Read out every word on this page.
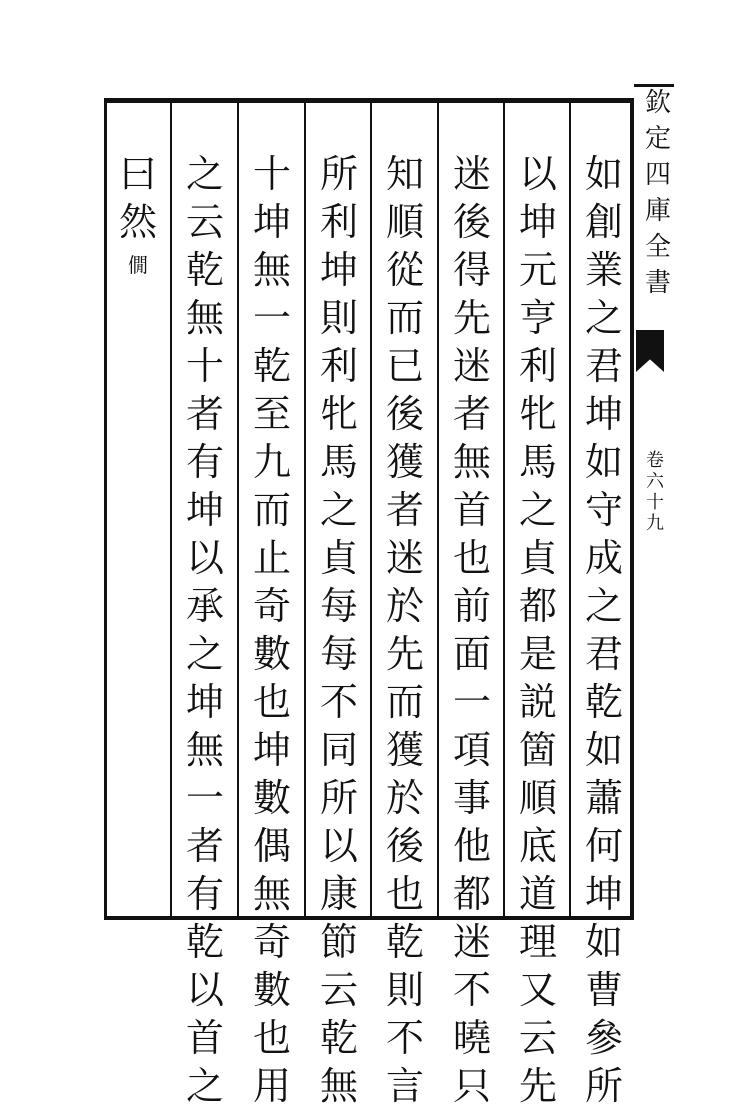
如
創
業
之
君
坤
如
守
成
之
君
乾
如
蕭
何
坤
如
曹
參
所
以
坤
元
亨
利
牝
馬
之
貞
都
是
説
箇
順
底
道
理
又
云
先
迷
後
得
先
迷
者
無
首
也
前
面
一
項
事
他
都
迷
不
曉
只
知
順
從
而
已
後
獲
者
迷
於
先
而
獲
於
後
也
乾
則
不
言
所
利
坤
則
利
牝
馬
之
貞
每
每
不
同
所
以
康
節
云
乾
無
十
坤
無
一
乾
至
九
而
止
奇
數
也
坤
數
偶
無
奇
數
也
用
之
云
乾
無
十
者
有
坤
以
承
之
坤
無
一
者
有
乾
以
首
之
曰
然
僩
欽
定
四
庫
全
書
卷
六
十
九
